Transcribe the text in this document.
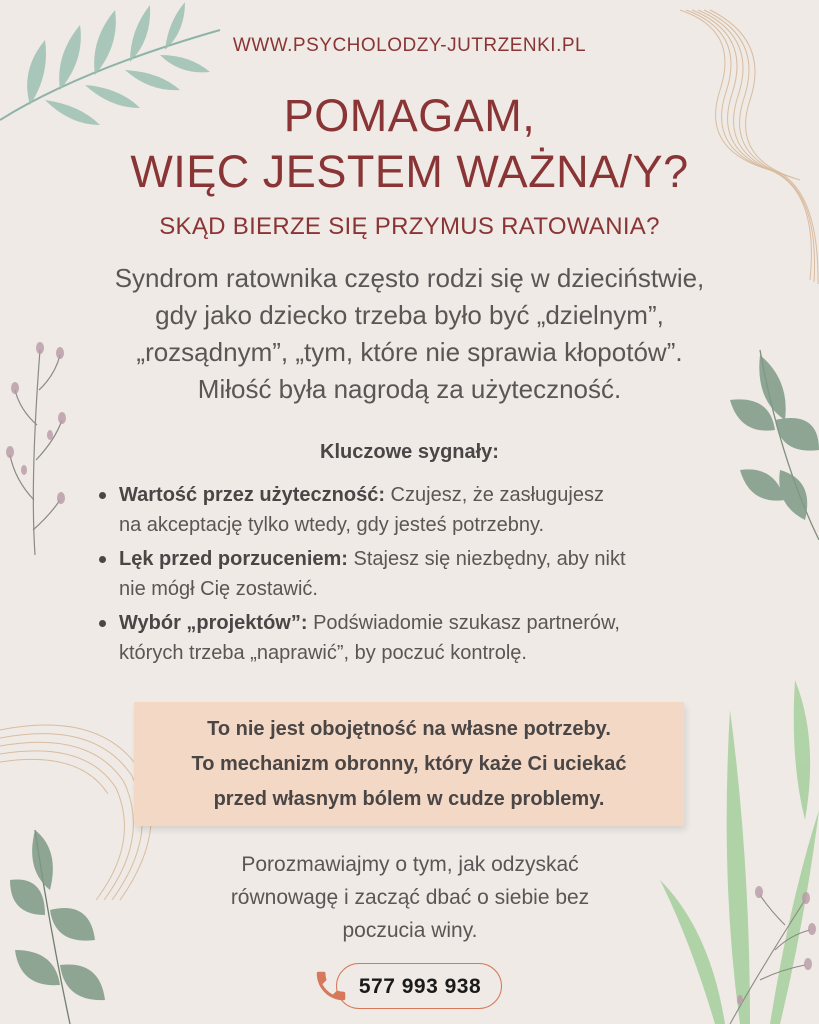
WWW.PSYCHOLODZY-JUTRZENKI.PL
POMAGAM,
WIĘC JESTEM WAŻNA/Y?
SKĄD BIERZE SIĘ PRZYMUS RATOWANIA?
Syndrom ratownika często rodzi się w dzieciństwie,
gdy jako dziecko trzeba było być „dzielnym”,
„rozsądnym”, „tym, które nie sprawia kłopotów”.
Miłość była nagrodą za użyteczność.
Kluczowe sygnały:
Wartość przez użyteczność: Czujesz, że zasługujesz
na akceptację tylko wtedy, gdy jesteś potrzebny.
Lęk przed porzuceniem: Stajesz się niezbędny, aby nikt
nie mógł Cię zostawić.
Wybór „projektów”: Podświadomie szukasz partnerów,
których trzeba „naprawić”, by poczuć kontrolę.
To nie jest obojętność na własne potrzeby.
To mechanizm obronny, który każe Ci uciekać
przed własnym bólem w cudze problemy.
Porozmawiajmy o tym, jak odzyskać
równowagę i zacząć dbać o siebie bez
poczucia winy.
577 993 938
